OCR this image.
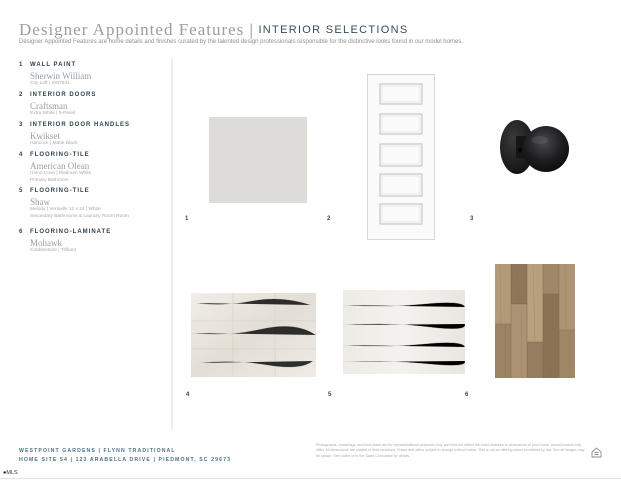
Designer Appointed Features | INTERIOR SELECTIONS
Designer Appointed Features are home details and finishes curated by the talented design professionals responsible for the distinctive looks found in our model homes.
1 WALL PAINT
Sherwin William
City Loft | SW7631
2 INTERIOR DOORS
Craftsman
Extra White | 5-Panel
3 INTERIOR DOOR HANDLES
Kwikset
Hancock | Matte Black
4 FLOORING-TILE
American Olean
Union Cove | Platinum White
Primary Bathroom
5 FLOORING-TILE
Shaw
Melody | Versaille 12 x 24 | White
Secondary Bathrooms & Laundry Room Room
6 FLOORING-LAMINATE
Mohawk
Cobblestone | Trilliant
1	2	3
4	5	6
WESTPOINT GARDENS | FLYNN TRADITIONAL
HOME SITE 54 | 123 ARABELLA DRIVE | PIEDMONT, SC 29673
Photographs, renderings, and floor plans are for representational purposes only and they not reflect the exact features or dimensions of your home; actual product may differ. All dimensions are subject to field variations. Prices and offers subject to change without notice. This is not an offering where prohibited by law. See all images may be shown. See online or in the Sales Consultant for details.
●MLS
